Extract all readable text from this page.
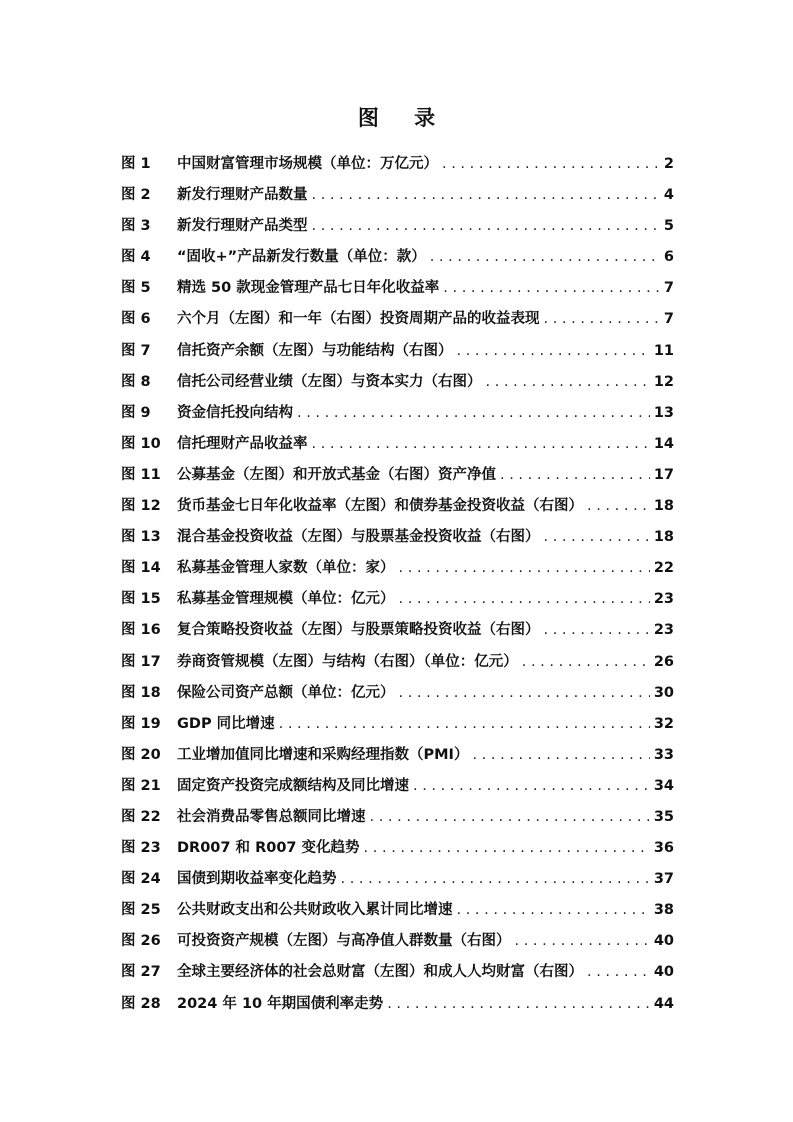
图 录
图 1	中国财富管理市场规模（单位：万亿元） . . .	2
图 2	新发行理财产品数量 . . .	4
图 3	新发行理财产品类型 . . .	5
图 4	“固收+”产品新发行数量（单位：款） . . .	6
图 5	精选 50 款现金管理产品七日年化收益率 . . .	7
图 6	六个月（左图）和一年（右图）投资周期产品的收益表现 . . .	7
图 7	信托资产余额（左图）与功能结构（右图） . . .	11
图 8	信托公司经营业绩（左图）与资本实力（右图） . . .	12
图 9	资金信托投向结构 . . .	13
图 10	信托理财产品收益率 . . .	14
图 11	公募基金（左图）和开放式基金（右图）资产净值 . . .	17
图 12	货币基金七日年化收益率（左图）和债券基金投资收益（右图） . . .	18
图 13	混合基金投资收益（左图）与股票基金投资收益（右图） . . .	18
图 14	私募基金管理人家数（单位：家） . . .	22
图 15	私募基金管理规模（单位：亿元） . . .	23
图 16	复合策略投资收益（左图）与股票策略投资收益（右图） . . .	23
图 17	券商资管规模（左图）与结构（右图）（单位：亿元） . . .	26
图 18	保险公司资产总额（单位：亿元） . . .	30
图 19	GDP 同比增速 . . .	32
图 20	工业增加值同比增速和采购经理指数（PMI） . . .	33
图 21	固定资产投资完成额结构及同比增速 . . .	34
图 22	社会消费品零售总额同比增速 . . .	35
图 23	DR007 和 R007 变化趋势 . . .	36
图 24	国债到期收益率变化趋势 . . .	37
图 25	公共财政支出和公共财政收入累计同比增速 . . .	38
图 26	可投资资产规模（左图）与高净值人群数量（右图） . . .	40
图 27	全球主要经济体的社会总财富（左图）和成人人均财富（右图） . . .	40
图 28	2024 年 10 年期国债利率走势 . . .	44
